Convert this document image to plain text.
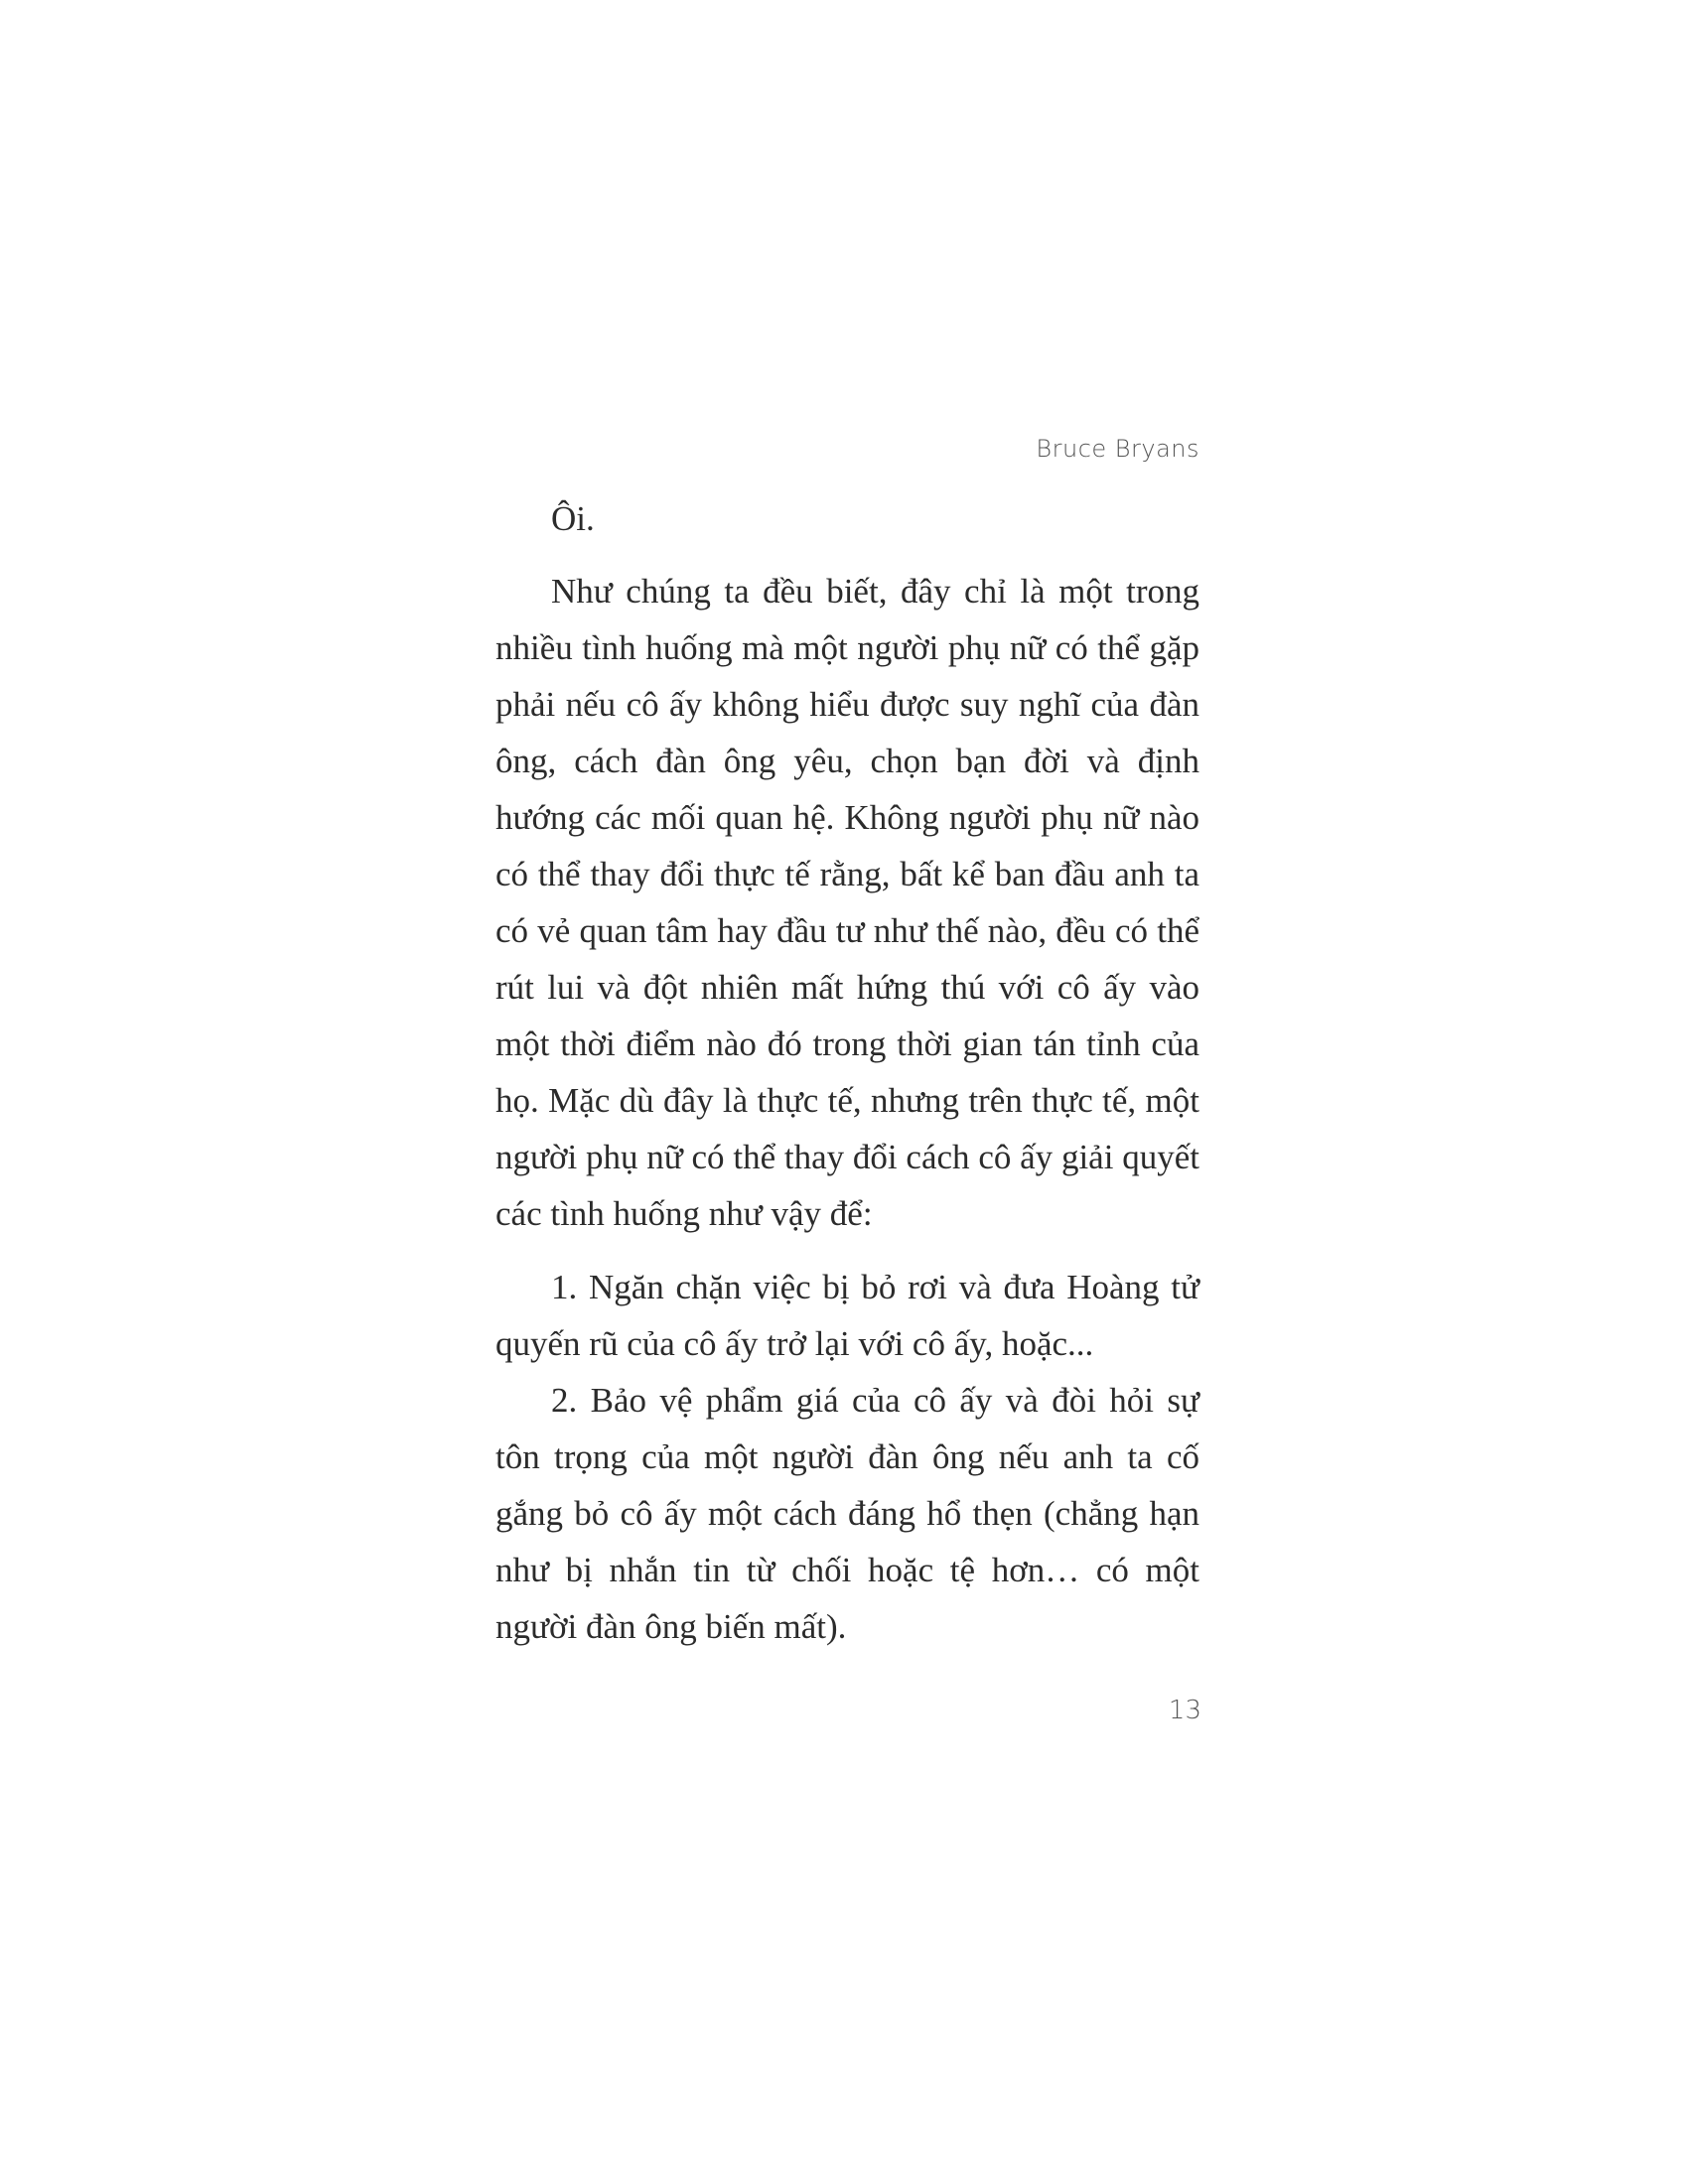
Bruce Bryans

Ôi.

Như chúng ta đều biết, đây chỉ là một trong nhiều tình huống mà một người phụ nữ có thể gặp phải nếu cô ấy không hiểu được suy nghĩ của đàn ông, cách đàn ông yêu, chọn bạn đời và định hướng các mối quan hệ. Không người phụ nữ nào có thể thay đổi thực tế rằng, bất kể ban đầu anh ta có vẻ quan tâm hay đầu tư như thế nào, đều có thể rút lui và đột nhiên mất hứng thú với cô ấy vào một thời điểm nào đó trong thời gian tán tỉnh của họ. Mặc dù đây là thực tế, nhưng trên thực tế, một người phụ nữ có thể thay đổi cách cô ấy giải quyết các tình huống như vậy để:

1. Ngăn chặn việc bị bỏ rơi và đưa Hoàng tử quyến rũ của cô ấy trở lại với cô ấy, hoặc...

2. Bảo vệ phẩm giá của cô ấy và đòi hỏi sự tôn trọng của một người đàn ông nếu anh ta cố gắng bỏ cô ấy một cách đáng hổ thẹn (chẳng hạn như bị nhắn tin từ chối hoặc tệ hơn… có một người đàn ông biến mất).

13
